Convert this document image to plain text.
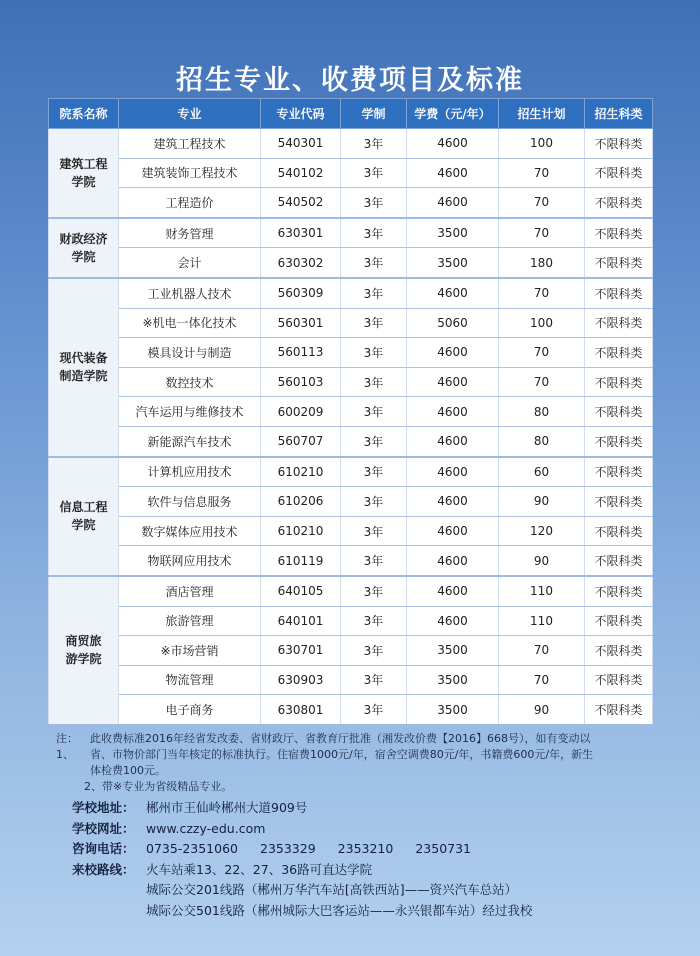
招生专业、收费项目及标准
院系名称	专业	专业代码	学制	学费（元/年）	招生计划	招生科类

建筑工程
学院	建筑工程技术	540301	3年	4600	100	不限科类
	建筑装饰工程技术	540102	3年	4600	70	不限科类
	工程造价	540502	3年	4600	70	不限科类

财政经济
学院	财务管理	630301	3年	3500	70	不限科类
	会计	630302	3年	3500	180	不限科类

现代装备
制造学院	工业机器人技术	560309	3年	4600	70	不限科类
	※机电一体化技术	560301	3年	5060	100	不限科类
	模具设计与制造	560113	3年	4600	70	不限科类
	数控技术	560103	3年	4600	70	不限科类
	汽车运用与维修技术	600209	3年	4600	80	不限科类
	新能源汽车技术	560707	3年	4600	80	不限科类

信息工程
学院	计算机应用技术	610210	3年	4600	60	不限科类
	软件与信息服务	610206	3年	4600	90	不限科类
	数字媒体应用技术	610210	3年	4600	120	不限科类
	物联网应用技术	610119	3年	4600	90	不限科类

商贸旅
游学院	酒店管理	640105	3年	4600	110	不限科类
	旅游管理	640101	3年	4600	110	不限科类
	※市场营销	630701	3年	3500	70	不限科类
	物流管理	630903	3年	3500	70	不限科类
	电子商务	630801	3年	3500	90	不限科类
注：1、
此收费标准2016年经省发改委、省财政厅、省教育厅批准（湘发改价费【2016】668号），如有变动以
省、市物价部门当年核定的标准执行。住宿费1000元/年，宿舍空调费80元/年，书籍费600元/年，新生
体检费100元。
2、带※专业为省级精品专业。
学校地址： 郴州市王仙岭郴州大道909号
学校网址： www.czzy-edu.com
咨询电话： 0735-2351060 2353329 2353210 2350731
来校路线： 火车站乘13、22、27、36路可直达学院
城际公交201线路（郴州万华汽车站[高铁西站]——资兴汽车总站）
城际公交501线路（郴州城际大巴客运站——永兴银都车站）经过我校
